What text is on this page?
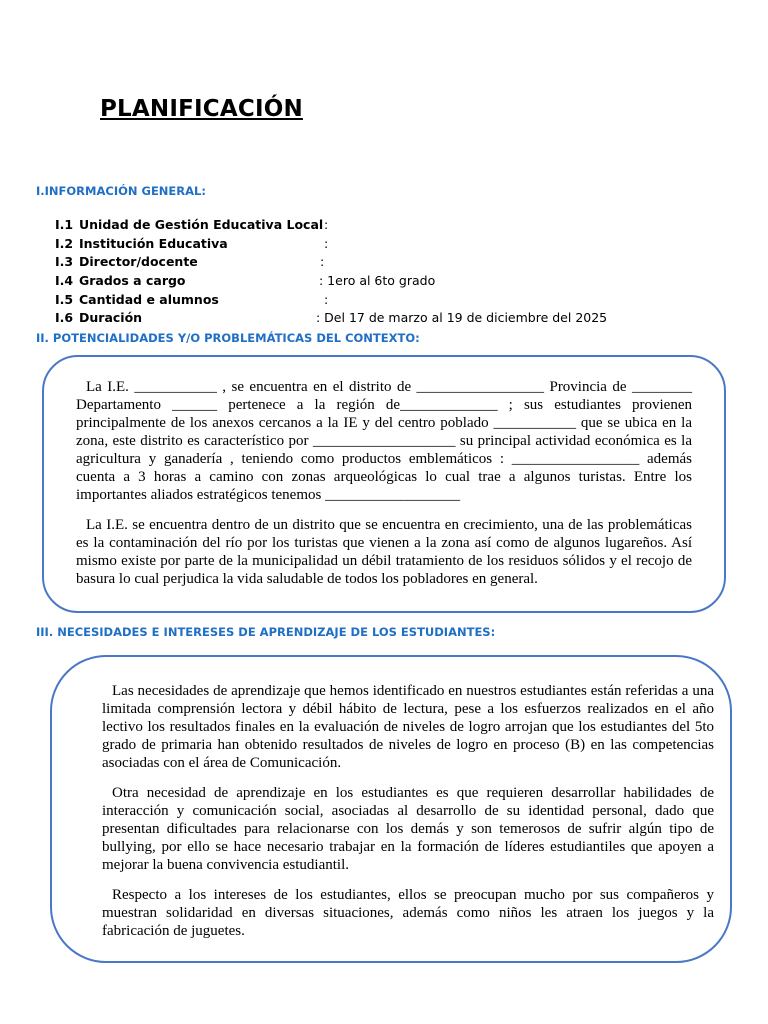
PLANIFICACIÓN
I.INFORMACIÓN GENERAL:
I.1 Unidad de Gestión Educativa Local :
I.2 Institución Educativa	:
I.3 Director/docente	:
I.4 Grados a cargo	: 1ero al 6to grado
I.5 Cantidad e alumnos	:
I.6 Duración	: Del 17 de marzo al 19 de diciembre del 2025
II. POTENCIALIDADES Y/O PROBLEMÁTICAS DEL CONTEXTO:

La I.E. ___________ , se encuentra en el distrito de _________________ Provincia de ________ Departamento ______ pertenece a la región de_____________ ; sus estudiantes provienen principalmente de los anexos cercanos a la IE y del centro poblado ___________ que se ubica en la zona, este distrito es característico por ___________________ su principal actividad económica es la agricultura y ganadería , teniendo como productos emblemáticos : _________________ además cuenta a 3 horas a camino con zonas arqueológicas lo cual trae a algunos turistas. Entre los importantes aliados estratégicos tenemos __________________

La I.E. se encuentra dentro de un distrito que se encuentra en crecimiento, una de las problemáticas es la contaminación del río por los turistas que vienen a la zona así como de algunos lugareños. Así mismo existe por parte de la municipalidad un débil tratamiento de los residuos sólidos y el recojo de basura lo cual perjudica la vida saludable de todos los pobladores en general.

III. NECESIDADES E INTERESES DE APRENDIZAJE DE LOS ESTUDIANTES:

Las necesidades de aprendizaje que hemos identificado en nuestros estudiantes están referidas a una limitada comprensión lectora y débil hábito de lectura, pese a los esfuerzos realizados en el año lectivo los resultados finales en la evaluación de niveles de logro arrojan que los estudiantes del 5to grado de primaria han obtenido resultados de niveles de logro en proceso (B) en las competencias asociadas con el área de Comunicación.

Otra necesidad de aprendizaje en los estudiantes es que requieren desarrollar habilidades de interacción y comunicación social, asociadas al desarrollo de su identidad personal, dado que presentan dificultades para relacionarse con los demás y son temerosos de sufrir algún tipo de bullying, por ello se hace necesario trabajar en la formación de líderes estudiantiles que apoyen a mejorar la buena convivencia estudiantil.

Respecto a los intereses de los estudiantes, ellos se preocupan mucho por sus compañeros y muestran solidaridad en diversas situaciones, además como niños les atraen los juegos y la fabricación de juguetes.
